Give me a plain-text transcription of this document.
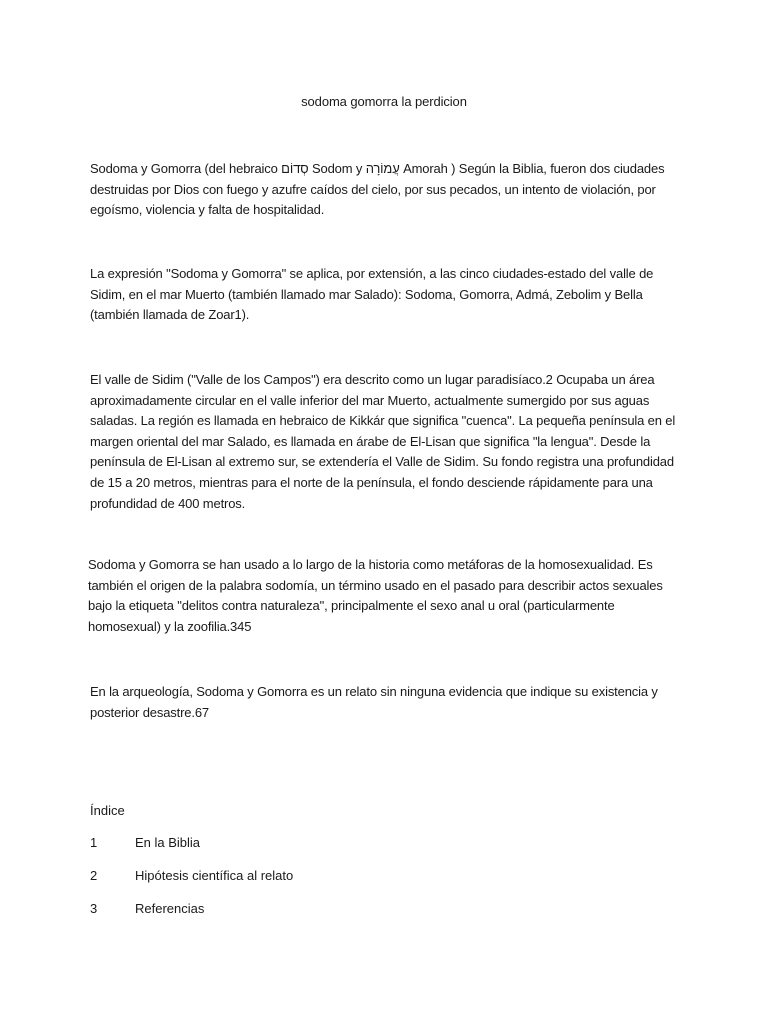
sodoma gomorra la perdicion

Sodoma y Gomorra (del hebraico סְדוֹם Sodom y עֲמוֹרָה Amorah ) Según la Biblia, fueron dos ciudades destruidas por Dios con fuego y azufre caídos del cielo, por sus pecados, un intento de violación, por egoísmo, violencia y falta de hospitalidad.

La expresión "Sodoma y Gomorra" se aplica, por extensión, a las cinco ciudades-estado del valle de Sidim, en el mar Muerto (también llamado mar Salado): Sodoma, Gomorra, Admá, Zebolim y Bella (también llamada de Zoar1).

El valle de Sidim ("Valle de los Campos") era descrito como un lugar paradisíaco.2 Ocupaba un área aproximadamente circular en el valle inferior del mar Muerto, actualmente sumergido por sus aguas saladas. La región es llamada en hebraico de Kikkár que significa "cuenca". La pequeña península en el margen oriental del mar Salado, es llamada en árabe de El-Lisan que significa "la lengua". Desde la península de El-Lisan al extremo sur, se extendería el Valle de Sidim. Su fondo registra una profundidad de 15 a 20 metros, mientras para el norte de la península, el fondo desciende rápidamente para una profundidad de 400 metros.

Sodoma y Gomorra se han usado a lo largo de la historia como metáforas de la homosexualidad. Es también el origen de la palabra sodomía, un término usado en el pasado para describir actos sexuales bajo la etiqueta "delitos contra naturaleza", principalmente el sexo anal u oral (particularmente homosexual) y la zoofilia.345

En la arqueología, Sodoma y Gomorra es un relato sin ninguna evidencia que indique su existencia y posterior desastre.67

Índice
1	En la Biblia
2	Hipótesis científica al relato
3	Referencias
